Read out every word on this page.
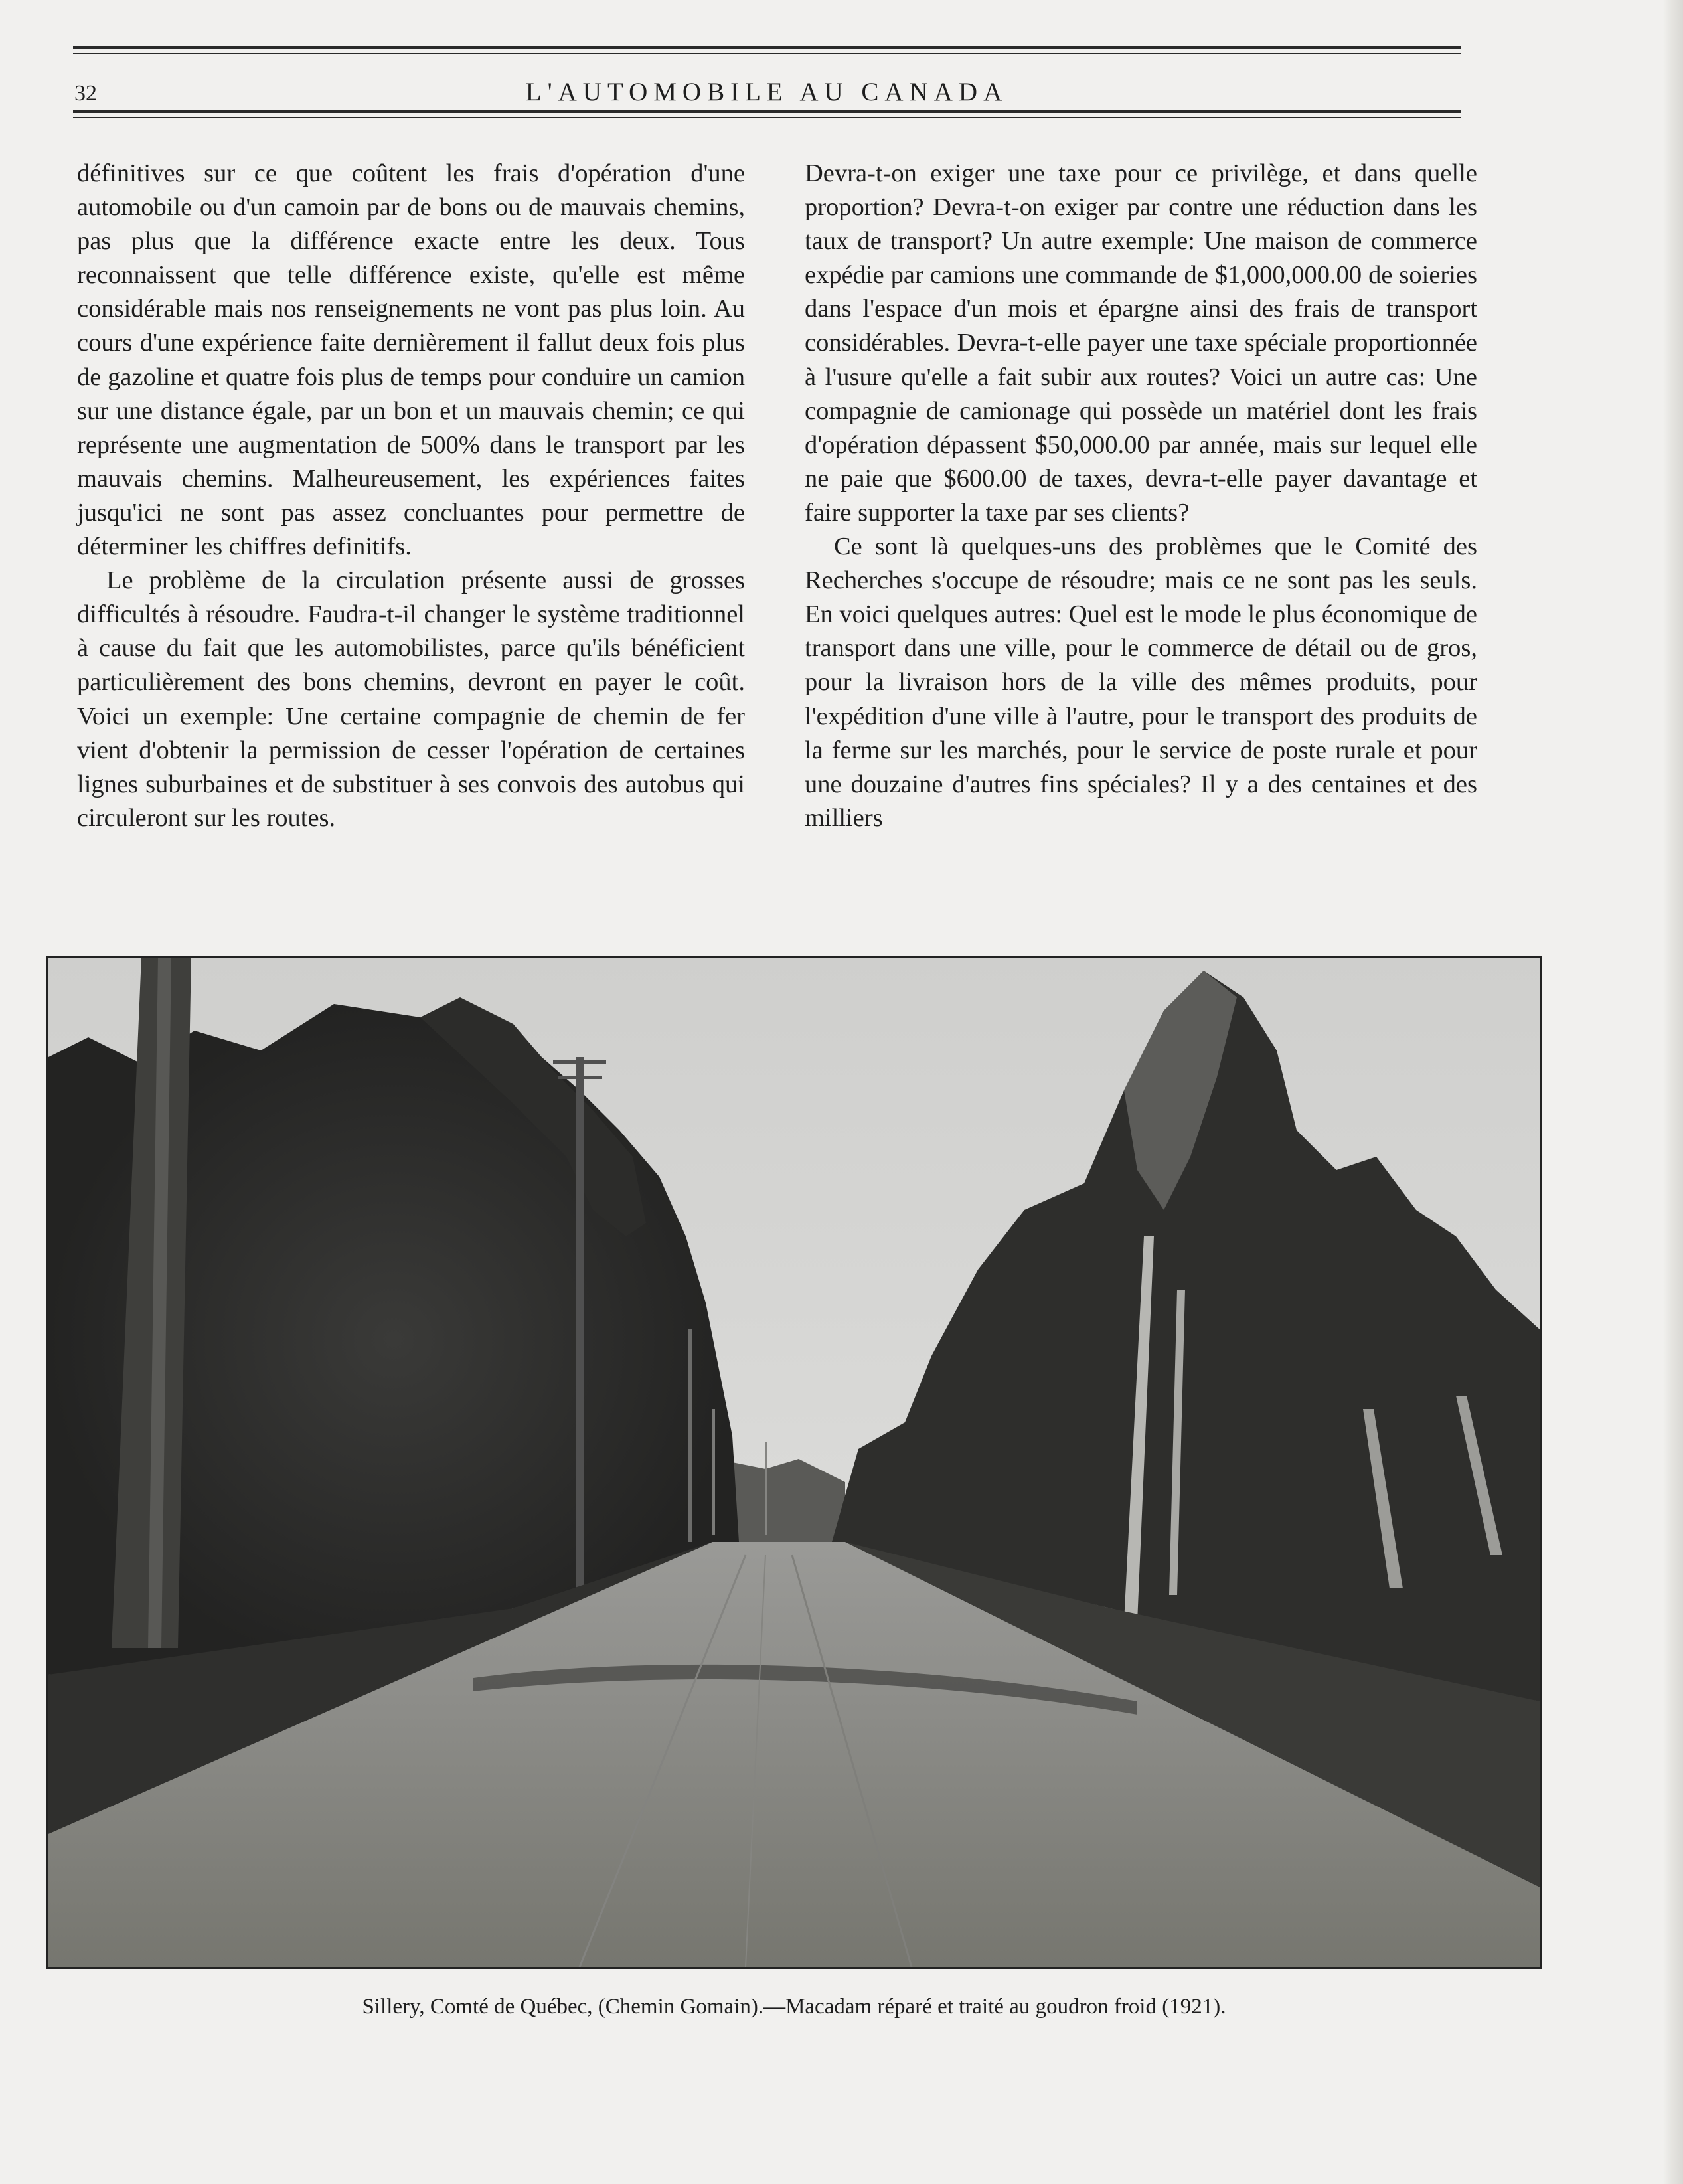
32	L'AUTOMOBILE AU CANADA

définitives sur ce que coûtent les frais d'opération d'une automobile ou d'un camoin par de bons ou de mauvais chemins, pas plus que la différence exacte entre les deux. Tous reconnaissent que telle différence existe, qu'elle est même considérable mais nos renseignements ne vont pas plus loin. Au cours d'une expérience faite dernièrement il fallut deux fois plus de gazoline et quatre fois plus de temps pour conduire un camion sur une distance égale, par un bon et un mauvais chemin; ce qui représente une augmentation de 500% dans le transport par les mauvais chemins. Malheureusement, les expériences faites jusqu'ici ne sont pas assez concluantes pour permettre de déterminer les chiffres definitifs.

Le problème de la circulation présente aussi de grosses difficultés à résoudre. Faudra-t-il changer le système traditionnel à cause du fait que les automobilistes, parce qu'ils bénéficient particulièrement des bons chemins, devront en payer le coût. Voici un exemple: Une certaine compagnie de chemin de fer vient d'obtenir la permission de cesser l'opération de certaines lignes suburbaines et de substituer à ses convois des autobus qui circuleront sur les routes.

Devra-t-on exiger une taxe pour ce privilège, et dans quelle proportion? Devra-t-on exiger par contre une réduction dans les taux de transport? Un autre exemple: Une maison de commerce expédie par camions une commande de $1,000,000.00 de soieries dans l'espace d'un mois et épargne ainsi des frais de transport considérables. Devra-t-elle payer une taxe spéciale proportionnée à l'usure qu'elle a fait subir aux routes? Voici un autre cas: Une compagnie de camionage qui possède un matériel dont les frais d'opération dépassent $50,000.00 par année, mais sur lequel elle ne paie que $600.00 de taxes, devra-t-elle payer davantage et faire supporter la taxe par ses clients?

Ce sont là quelques-uns des problèmes que le Comité des Recherches s'occupe de résoudre; mais ce ne sont pas les seuls. En voici quelques autres: Quel est le mode le plus économique de transport dans une ville, pour le commerce de détail ou de gros, pour la livraison hors de la ville des mêmes produits, pour l'expédition d'une ville à l'autre, pour le transport des produits de la ferme sur les marchés, pour le service de poste rurale et pour une douzaine d'autres fins spéciales? Il y a des centaines et des milliers

Sillery, Comté de Québec, (Chemin Gomain).—Macadam réparé et traité au goudron froid (1921).
